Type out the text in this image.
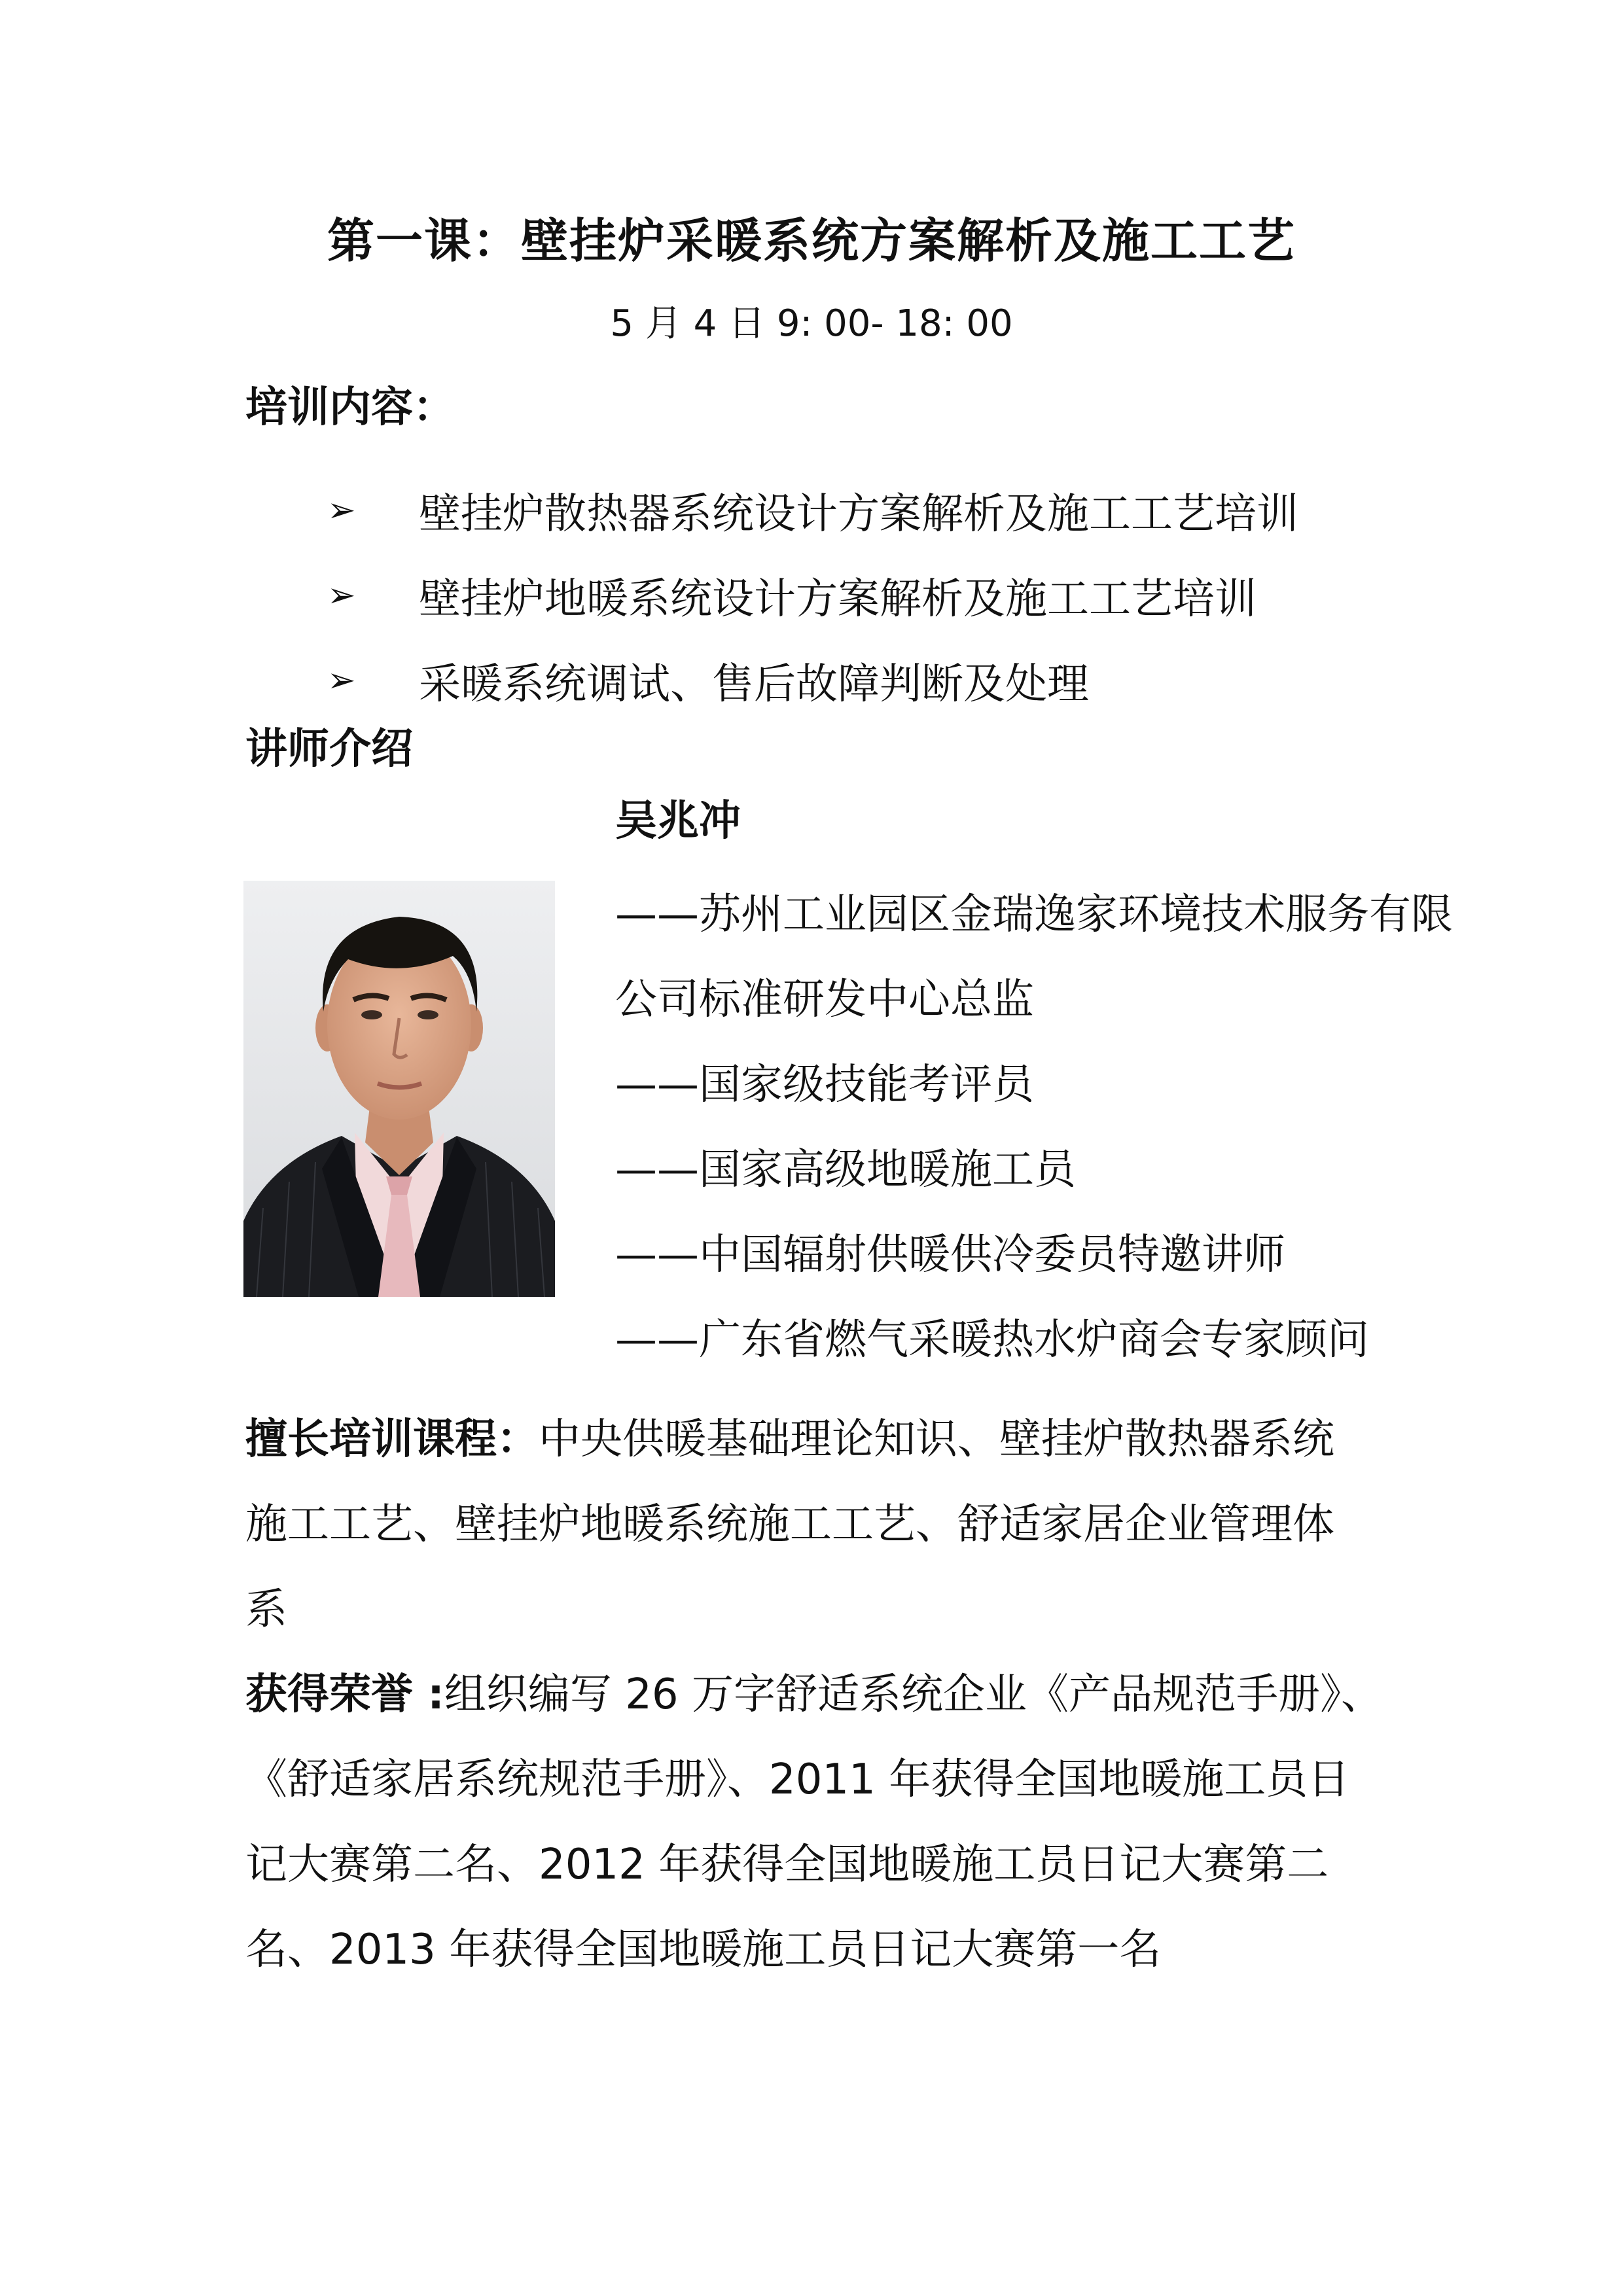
第一课：壁挂炉采暖系统方案解析及施工工艺
5 月 4 日 9: 00- 18: 00
培训内容：
➢	壁挂炉散热器系统设计方案解析及施工工艺培训
➢	壁挂炉地暖系统设计方案解析及施工工艺培训
➢	采暖系统调试、售后故障判断及处理
讲师介绍
吴兆冲
——苏州工业园区金瑞逸家环境技术服务有限
公司标准研发中心总监
——国家级技能考评员
——国家高级地暖施工员
——中国辐射供暖供冷委员特邀讲师
——广东省燃气采暖热水炉商会专家顾问
擅长培训课程：中央供暖基础理论知识、壁挂炉散热器系统
施工工艺、壁挂炉地暖系统施工工艺、舒适家居企业管理体
系
获得荣誉 :组织编写 26 万字舒适系统企业《产品规范手册》、
《舒适家居系统规范手册》、2011 年获得全国地暖施工员日
记大赛第二名、2012 年获得全国地暖施工员日记大赛第二
名、2013 年获得全国地暖施工员日记大赛第一名
